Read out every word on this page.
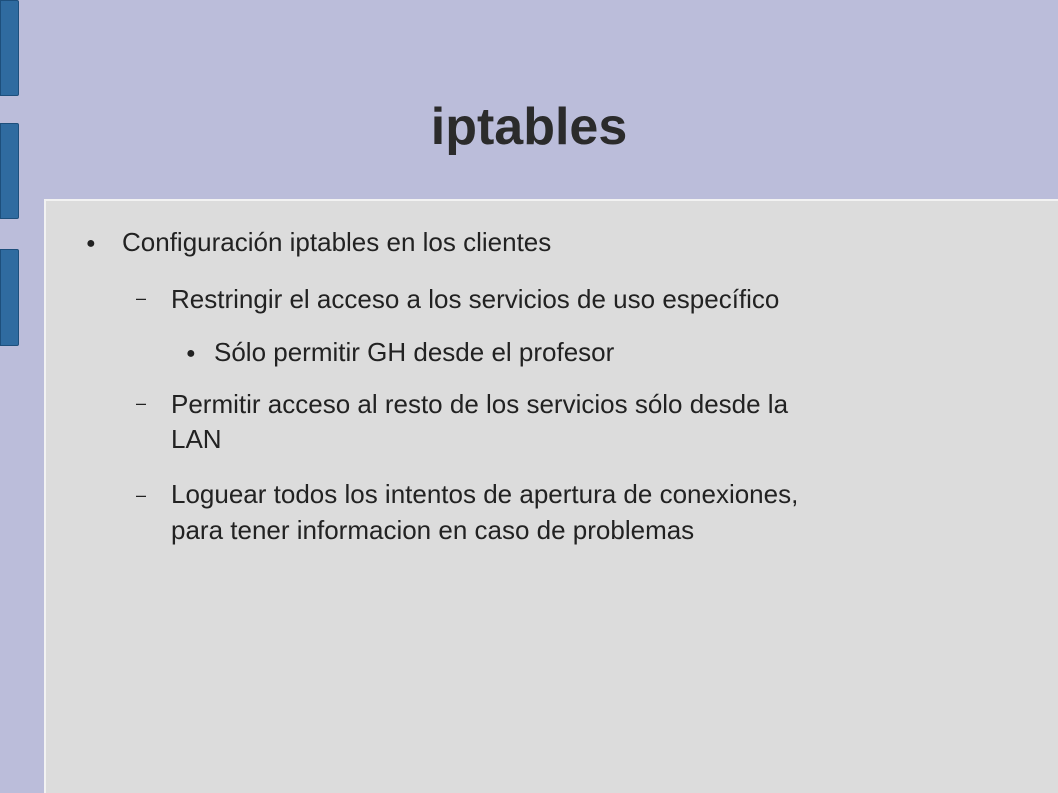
iptables
● Configuración iptables en los clientes
– Restringir el acceso a los servicios de uso específico
● Sólo permitir GH desde el profesor
– Permitir acceso al resto de los servicios sólo desde la
LAN
– Loguear todos los intentos de apertura de conexiones,
para tener informacion en caso de problemas
